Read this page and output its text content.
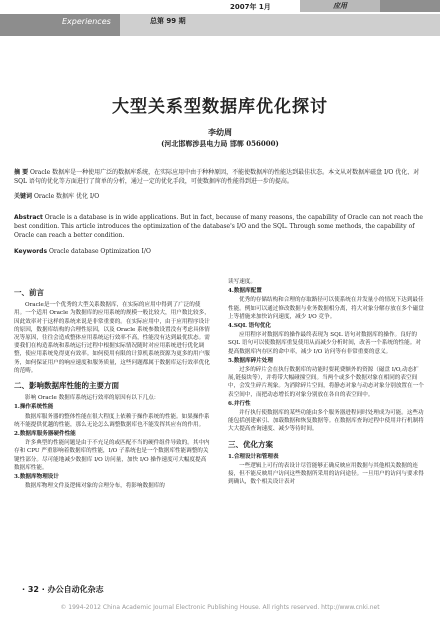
2007年 1月	应用
Experiences	总第 99 期
大型关系型数据库优化探讨
李幼周
(河北邯郸涉县电力局 邯郸 056000)
摘 要 Oracle 数据库是一种使用广泛的数据库系统，在实际应用中由于种种原因，不能使数据库的性能达到最佳状态。本文从对数据库磁盘 I/O 优化、对 SQL 语句的优化等方面进行了简单的分析，通过一定的优化手段，可使数据库的性能得到进一步的提高。
关键词 Oracle 数据库 优化 I/O
Abstract Oracle is a database is in wide applications. But in fact, because of many reasons, the capability of Oracle can not reach the best condition. This article introduces the optimization of the database's I/O and the SQL. Through some methods, the capability of Oracle can reach a better condition.
Keywords Oracle database Optimization I/O
一、前言

Oracle是一个优秀的大型关系数据库，在实际的应用中得到了广泛的使用。一个适用 Oracle 为数据库的应用系统的规模一般比较大，用户数比较多，因此效率对于这样的系统来说是非常重要的。在实际应用中，由于应用程序设计的原因，数据库结构的合理性原因，以及 Oracle 系统参数设置没有考虑具体情况等原因，往往会造成整体应用系统运行效率不高，性能没有达到最优状态。需要我们在构造系统和系统运行过程中根据实际情况随时对应用系统进行优化调整，使应用系统免得更有效率。如何使用有限的计算机系统资源为更多的用户服务，如何保证用户的响应速度和服务质量，这些问题都属于数据库运行效率优化的范畴。

二、影响数据库性能的主要方面

影响 Oracle 数据库系统运行效率的原因有以下几点：

1.操作系统性能

数据库服务器的整体性能在很大程度上依赖于操作系统的性能。如果操作系统不能提供优越的性能，那么无论怎么调整数据库也不能发挥其应有的作用。

2.数据库服务器硬件性能

许多典型的性能问题是由于不充足的或匹配不当的硬件组件导致的。其中内存和 CPU 严重影响着数据库的性能，I/O 子系统也是一个数据库性能调整的关键性部分。尽可能地减少数据库 I/O 访问量，加快 I/O 操作速度可大幅度提高数据库性能。

3.数据库物理设计

数据库物理文件及逻辑对象的合理分布，将影响数据库的

读写速度。

4.数据库配置

优秀的存储结构和合理的存取路径可以使系统在并发量小的情况下达到最佳性能。例如可以通过修改数据与业务数据相分离，将大对象分解存放在多个磁盘上等措施来加快访问速度，减少 I/O 竞争。

4.SQL 语句优化

应用程序对数据库的操作最终表现为 SQL 语句对数据库的操作。良好的 SQL 语句可以使数据库重复使用从而减少分析时间，改善一个系统的性能。对提高数据库内存区的命中率，减少 I/O 访问等有非常重要的意义。

5.数据库碎片处理

过多的碎片会在执行数据库的功能时要耗费额外的资源（磁盘 I/O,动态扩展,链接块等），并将带大幅碰撞空间。当两个或多个数据对象在相同的表空间中，会发生碎片现象。为消除碎片空间，将静态对象与动态对象分别放置在一个表空间中，而把动态增长的对象分别放在各自的表空间中。

6.并行性

并行执行使数据库的某些功能由多个服务器进程同时处理成为可能。这些功能包括创建索引、加载数据和恢复数据等。在数据库查询过程中使用并行机制将大大提高查询速度、减少等待时间。

三、优化方案

1.合理设计和管理表

一些逻辑上可行的表设计尽管能够正确反映应用数据与其他相关数据的连接，但不能反映用户访问这些数据所采用的访问途径。一旦用户的访问与要求得到确认，数个相关设计表对

· 32 · 办公自动化杂志
© 1994-2012 China Academic Journal Electronic Publishing House. All rights reserved. http://www.cnki.net
